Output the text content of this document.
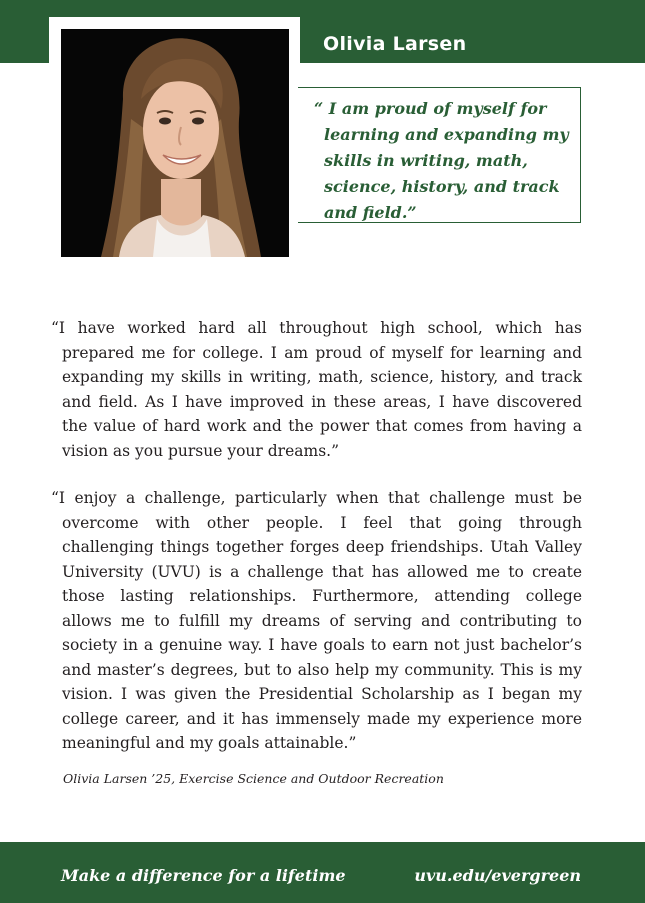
Olivia Larsen
“ I am proud of myself for learning and expanding my skills in writing, math, science, history, and track and field.”

“I have worked hard all throughout high school, which has prepared me for college. I am proud of myself for learning and expanding my skills in writing, math, science, history, and track and field. As I have improved in these areas, I have discovered the value of hard work and the power that comes from having a vision as you pursue your dreams.”

“I enjoy a challenge, particularly when that challenge must be overcome with other people. I feel that going through challenging things together forges deep friendships. Utah Valley University (UVU) is a challenge that has allowed me to create those lasting relationships. Furthermore, attending college allows me to fulfill my dreams of serving and contributing to society in a genuine way. I have goals to earn not just bachelor’s and master’s degrees, but to also help my community. This is my vision. I was given the Presidential Scholarship as I began my college career, and it has immensely made my experience more meaningful and my goals attainable.”

Olivia Larsen ’25, Exercise Science and Outdoor Recreation
Make a difference for a lifetime	uvu.edu/evergreen
